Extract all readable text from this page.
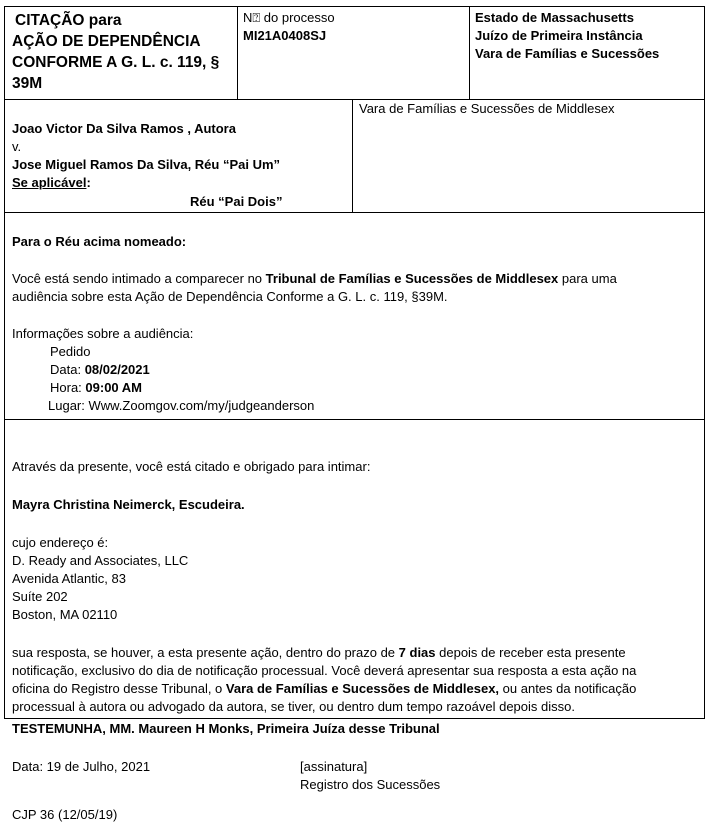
CITAÇÃO para
AÇÃO DE DEPENDÊNCIA
CONFORME A G. L. c. 119, §
39M
N⍰ do processo
MI21A0408SJ
Estado de Massachusetts
Juízo de Primeira Instância
Vara de Famílias e Sucessões
Joao Victor Da Silva Ramos , Autora
v.
Jose Miguel Ramos Da Silva, Réu “Pai Um”
Se aplicável:
Réu “Pai Dois”
Vara de Famílias e Sucessões de Middlesex
Para o Réu acima nomeado:
Você está sendo intimado a comparecer no Tribunal de Famílias e Sucessões de Middlesex para uma
audiência sobre esta Ação de Dependência Conforme a G. L. c. 119, §39M.
Informações sobre a audiência:
Pedido
Data: 08/02/2021
Hora: 09:00 AM
Lugar: Www.Zoomgov.com/my/judgeanderson
Através da presente, você está citado e obrigado para intimar:
Mayra Christina Neimerck, Escudeira.
cujo endereço é:
D. Ready and Associates, LLC
Avenida Atlantic, 83
Suíte 202
Boston, MA 02110
sua resposta, se houver, a esta presente ação, dentro do prazo de 7 dias depois de receber esta presente
notificação, exclusivo do dia de notificação processual. Você deverá apresentar sua resposta a esta ação na
oficina do Registro desse Tribunal, o Vara de Famílias e Sucessões de Middlesex, ou antes da notificação
processual à autora ou advogado da autora, se tiver, ou dentro dum tempo razoável depois disso.
TESTEMUNHA, MM. Maureen H Monks, Primeira Juíza desse Tribunal
Data: 19 de Julho, 2021	[assinatura]
Registro dos Sucessões
CJP 36 (12/05/19)
